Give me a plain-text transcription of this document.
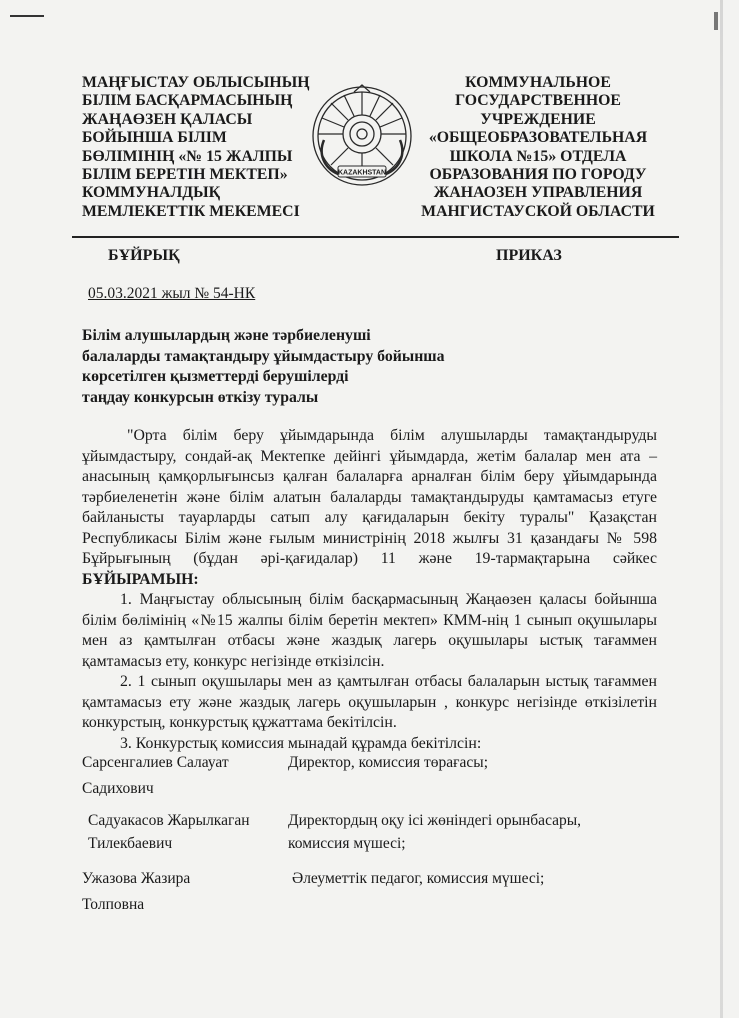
МАҢҒЫСТАУ ОБЛЫСЫНЫҢ
БІЛІМ БАСҚАРМАСЫНЫҢ
ЖАҢАӨЗЕН ҚАЛАСЫ
БОЙЫНША БІЛІМ
БӨЛІМІНІҢ «№ 15 ЖАЛПЫ
БІЛІМ БЕРЕТІН МЕКТЕП»
КОММУНАЛДЫҚ
МЕМЛЕКЕТТІК МЕКЕМЕСІ
KAZAKHSTAN
КОММУНАЛЬНОЕ
ГОСУДАРСТВЕННОЕ
УЧРЕЖДЕНИЕ
«ОБЩЕОБРАЗОВАТЕЛЬНАЯ
ШКОЛА №15» ОТДЕЛА
ОБРАЗОВАНИЯ ПО ГОРОДУ
ЖАНАОЗЕН УПРАВЛЕНИЯ
МАНГИСТАУСКОЙ ОБЛАСТИ
БҰЙРЫҚ	ПРИКАЗ
05.03.2021 жыл № 54-НК
Білім алушылардың және тәрбиеленуші
балаларды тамақтандыру ұйымдастыру бойынша
көрсетілген қызметтерді берушілерді
таңдау конкурсын өткізу туралы

"Орта білім беру ұйымдарында білім алушыларды тамақтандыруды ұйымдастыру, сондай-ақ Мектепке дейінгі ұйымдарда, жетім балалар мен ата –анасының қамқорлығынсыз қалған балаларға арналған білім беру ұйымдарында тәрбиеленетін және білім алатын балаларды тамақтандыруды қамтамасыз етуге байланысты тауарларды сатып алу қағидаларын бекіту туралы" Қазақстан Республикасы Білім және ғылым министрінің 2018 жылғы 31 қазандағы № 598 Бұйрығының (бұдан әрі-қағидалар) 11 және 19-тармақтарына сәйкес БҰЙЫРАМЫН:

1. Маңғыстау облысының білім басқармасының Жаңаөзен қаласы бойынша білім бөлімінің «№15 жалпы білім беретін мектеп» КММ-нің 1 сынып оқушылары мен аз қамтылған отбасы және жаздық лагерь оқушылары ыстық тағаммен қамтамасыз ету, конкурс негізінде өткізілсін.

2. 1 сынып оқушылары мен аз қамтылған отбасы балаларын ыстық тағаммен қамтамасыз ету және жаздық лагерь оқушыларын , конкурс негізінде өткізілетін конкурстың, конкурстық құжаттама бекітілсін.

3. Конкурстық комиссия мынадай құрамда бекітілсін:

Сарсенгалиев Салауат
Садихович
Директор, комиссия төрағасы;
Садуакасов Жарылкаган
Тилекбаевич
Директордың оқу ісі жөніндегі орынбасары,
комиссия мүшесі;
Ужазова Жазира
Толповна
Әлеуметтік педагог, комиссия мүшесі;
